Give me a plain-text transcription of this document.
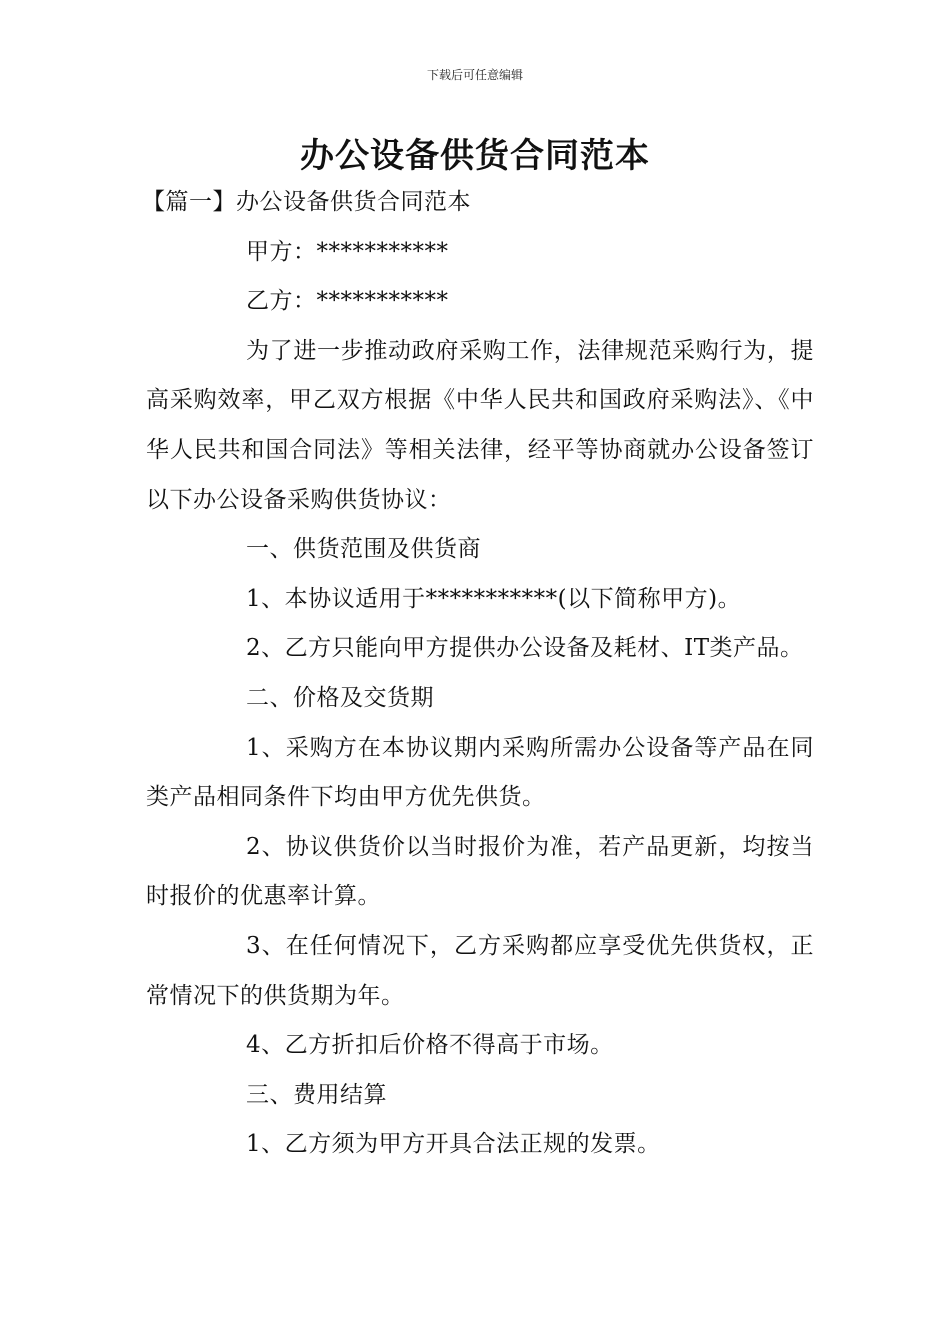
下载后可任意编辑
办公设备供货合同范本

【篇一】办公设备供货合同范本

甲方：***********

乙方：***********

为了进一步推动政府采购工作，法律规范采购行为，提高采购效率，甲乙双方根据《中华人民共和国政府采购法》、《中华人民共和国合同法》等相关法律，经平等协商就办公设备签订以下办公设备采购供货协议：

一、供货范围及供货商

1、本协议适用于***********(以下简称甲方)。

2、乙方只能向甲方提供办公设备及耗材、IT类产品。

二、价格及交货期

1、采购方在本协议期内采购所需办公设备等产品在同类产品相同条件下均由甲方优先供货。

2、协议供货价以当时报价为准，若产品更新，均按当时报价的优惠率计算。

3、在任何情况下，乙方采购都应享受优先供货权，正常情况下的供货期为年。

4、乙方折扣后价格不得高于市场。

三、费用结算

1、乙方须为甲方开具合法正规的发票。
